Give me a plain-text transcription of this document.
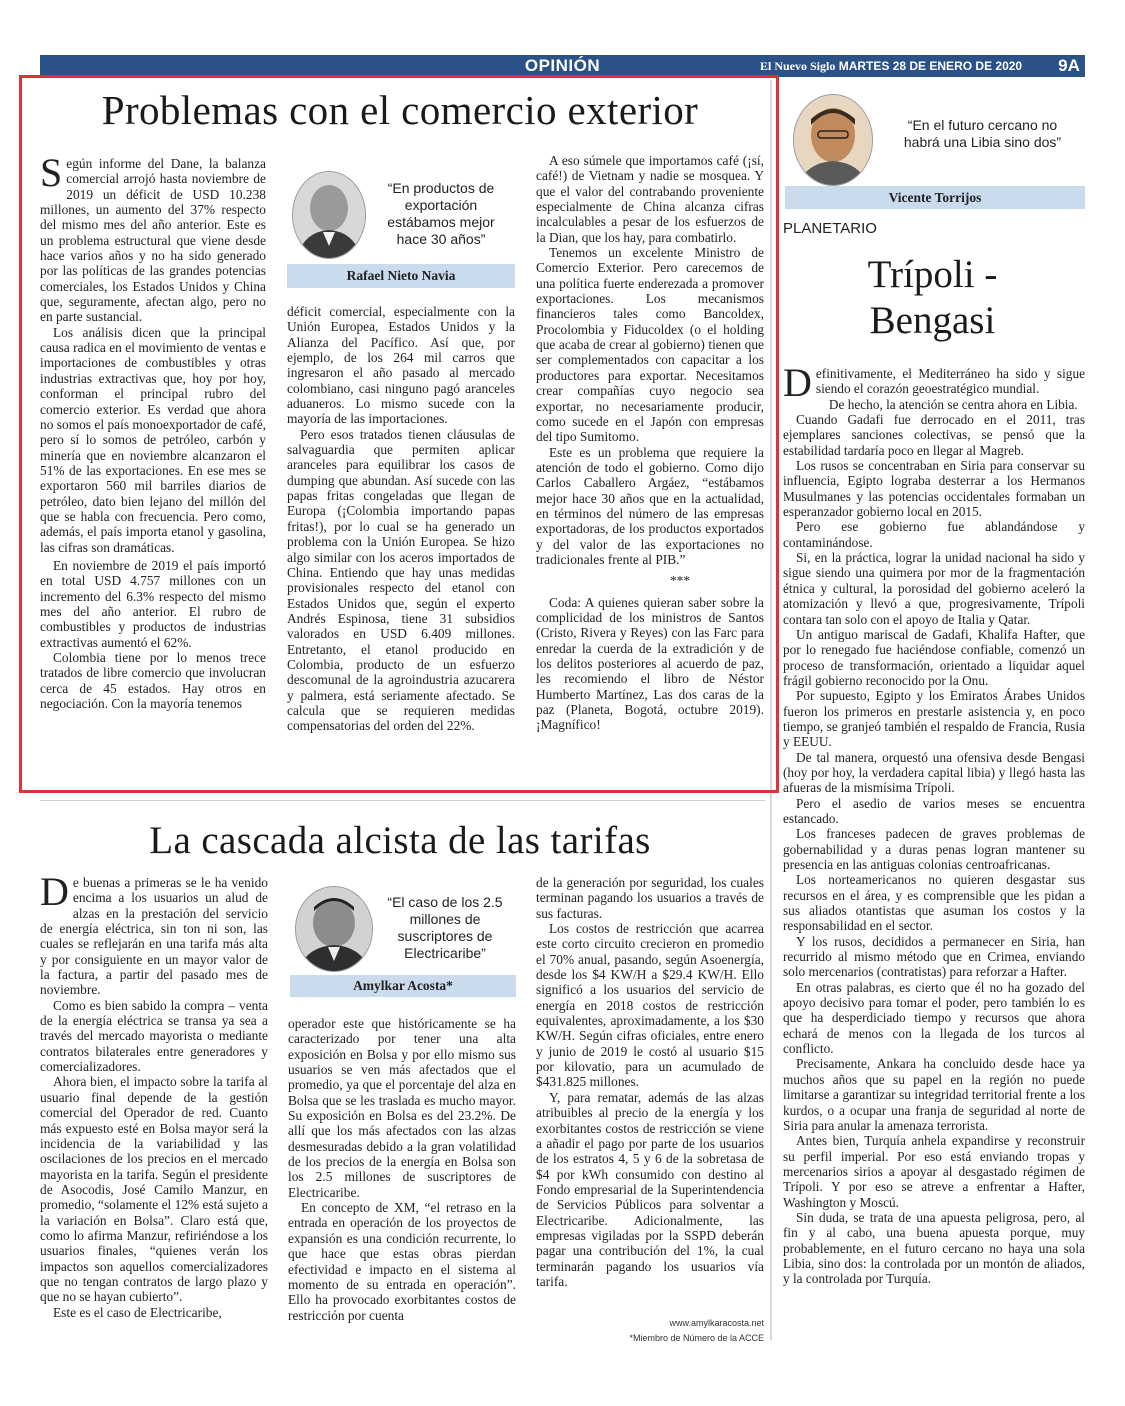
OPINIÓN	El Nuevo Siglo MARTES 28 DE ENERO DE 2020 9A
Problemas con el comercio exterior

Según informe del Dane, la balanza comercial arrojó hasta noviembre de 2019 un déficit de USD 10.238 millones, un aumento del 37% respecto del mismo mes del año anterior. Este es un problema estructural que viene desde hace varios años y no ha sido generado por las políticas de las grandes potencias comerciales, los Estados Unidos y China que, seguramente, afectan algo, pero no en parte sustancial.

Los análisis dicen que la principal causa radica en el movimiento de ventas e importaciones de combustibles y otras industrias extractivas que, hoy por hoy, conforman el principal rubro del comercio exterior. Es verdad que ahora no somos el país monoexportador de café, pero sí lo somos de petróleo, carbón y minería que en noviembre alcanzaron el 51% de las exportaciones. En ese mes se exportaron 560 mil barriles diarios de petróleo, dato bien lejano del millón del que se habla con frecuencia. Pero como, además, el país importa etanol y gasolina, las cifras son dramáticas.

En noviembre de 2019 el país importó en total USD 4.757 millones con un incremento del 6.3% respecto del mismo mes del año anterior. El rubro de combustibles y productos de industrias extractivas aumentó el 62%.

Colombia tiene por lo menos trece tratados de libre comercio que involucran cerca de 45 estados. Hay otros en negociación. Con la mayoría tenemos

“En productos de exportación estábamos mejor hace 30 años”
Rafael Nieto Navia

déficit comercial, especialmente con la Unión Europea, Estados Unidos y la Alianza del Pacífico. Así que, por ejemplo, de los 264 mil carros que ingresaron el año pasado al mercado colombiano, casi ninguno pagó aranceles aduaneros. Lo mismo sucede con la mayoría de las importaciones.

Pero esos tratados tienen cláusulas de salvaguardia que permiten aplicar aranceles para equilibrar los casos de dumping que abundan. Así sucede con las papas fritas congeladas que llegan de Europa (¡Colombia importando papas fritas!), por lo cual se ha generado un problema con la Unión Europea. Se hizo algo similar con los aceros importados de China. Entiendo que hay unas medidas provisionales respecto del etanol con Estados Unidos que, según el experto Andrés Espinosa, tiene 31 subsidios valorados en USD 6.409 millones. Entretanto, el etanol producido en Colombia, producto de un esfuerzo descomunal de la agroindustria azucarera y palmera, está seriamente afectado. Se calcula que se requieren medidas compensatorias del orden del 22%.

A eso súmele que importamos café (¡sí, café!) de Vietnam y nadie se mosquea. Y que el valor del contrabando proveniente especialmente de China alcanza cifras incalculables a pesar de los esfuerzos de la Dian, que los hay, para combatirlo.

Tenemos un excelente Ministro de Comercio Exterior. Pero carecemos de una política fuerte enderezada a promover exportaciones. Los mecanismos financieros tales como Bancoldex, Procolombia y Fiducoldex (o el holding que acaba de crear al gobierno) tienen que ser complementados con capacitar a los productores para exportar. Necesitamos crear compañías cuyo negocio sea exportar, no necesariamente producir, como sucede en el Japón con empresas del tipo Sumitomo.

Este es un problema que requiere la atención de todo el gobierno. Como dijo Carlos Caballero Argáez, “estábamos mejor hace 30 años que en la actualidad, en términos del número de las empresas exportadoras, de los productos exportados y del valor de las exportaciones no tradicionales frente al PIB.”

***

Coda: A quienes quieran saber sobre la complicidad de los ministros de Santos (Cristo, Rivera y Reyes) con las Farc para enredar la cuerda de la extradición y de los delitos posteriores al acuerdo de paz, les recomiendo el libro de Néstor Humberto Martínez, Las dos caras de la paz (Planeta, Bogotá, octubre 2019). ¡Magnífico!

La cascada alcista de las tarifas

De buenas a primeras se le ha venido encima a los usuarios un alud de alzas en la prestación del servicio de energía eléctrica, sin ton ni son, las cuales se reflejarán en una tarifa más alta y por consiguiente en un mayor valor de la factura, a partir del pasado mes de noviembre.

Como es bien sabido la compra – venta de la energía eléctrica se transa ya sea a través del mercado mayorista o mediante contratos bilaterales entre generadores y comercializadores.

Ahora bien, el impacto sobre la tarifa al usuario final depende de la gestión comercial del Operador de red. Cuanto más expuesto esté en Bolsa mayor será la incidencia de la variabilidad y las oscilaciones de los precios en el mercado mayorista en la tarifa. Según el presidente de Asocodis, José Camilo Manzur, en promedio, “solamente el 12% está sujeto a la variación en Bolsa”. Claro está que, como lo afirma Manzur, refiriéndose a los usuarios finales, “quienes verán los impactos son aquellos comercializadores que no tengan contratos de largo plazo y que no se hayan cubierto”.

Este es el caso de Electricaribe,

“El caso de los 2.5 millones de suscriptores de Electricaribe”
Amylkar Acosta*

operador este que históricamente se ha caracterizado por tener una alta exposición en Bolsa y por ello mismo sus usuarios se ven más afectados que el promedio, ya que el porcentaje del alza en Bolsa que se les traslada es mucho mayor. Su exposición en Bolsa es del 23.2%. De allí que los más afectados con las alzas desmesuradas debido a la gran volatilidad de los precios de la energía en Bolsa son los 2.5 millones de suscriptores de Electricaribe.

En concepto de XM, “el retraso en la entrada en operación de los proyectos de expansión es una condición recurrente, lo que hace que estas obras pierdan efectividad e impacto en el sistema al momento de su entrada en operación”. Ello ha provocado exorbitantes costos de restricción por cuenta

de la generación por seguridad, los cuales terminan pagando los usuarios a través de sus facturas.

Los costos de restricción que acarrea este corto circuito crecieron en promedio el 70% anual, pasando, según Asoenergía, desde los $4 KW/H a $29.4 KW/H. Ello significó a los usuarios del servicio de energía en 2018 costos de restricción equivalentes, aproximadamente, a los $30 KW/H. Según cifras oficiales, entre enero y junio de 2019 le costó al usuario $15 por kilovatio, para un acumulado de $431.825 millones.

Y, para rematar, además de las alzas atribuibles al precio de la energía y los exorbitantes costos de restricción se viene a añadir el pago por parte de los usuarios de los estratos 4, 5 y 6 de la sobretasa de $4 por kWh consumido con destino al Fondo empresarial de la Superintendencia de Servicios Públicos para solventar a Electricaribe. Adicionalmente, las empresas vigiladas por la SSPD deberán pagar una contribución del 1%, la cual terminarán pagando los usuarios vía tarifa.

www.amylkaracosta.net
*Miembro de Número de la ACCE
“En el futuro cercano no habrá una Libia sino dos”
Vicente Torrijos
PLANETARIO
Trípoli -
Bengasi

Definitivamente, el Mediterráneo ha sido y sigue siendo el corazón geoestratégico mundial.

De hecho, la atención se centra ahora en Libia.

Cuando Gadafi fue derrocado en el 2011, tras ejemplares sanciones colectivas, se pensó que la estabilidad tardaría poco en llegar al Magreb.

Los rusos se concentraban en Siria para conservar su influencia, Egipto lograba desterrar a los Hermanos Musulmanes y las potencias occidentales formaban un esperanzador gobierno local en 2015.

Pero ese gobierno fue ablandándose y contaminándose.

Si, en la práctica, lograr la unidad nacional ha sido y sigue siendo una quimera por mor de la fragmentación étnica y cultural, la porosidad del gobierno aceleró la atomización y llevó a que, progresivamente, Trípoli contara tan solo con el apoyo de Italia y Qatar.

Un antiguo mariscal de Gadafi, Khalifa Hafter, que por lo renegado fue haciéndose confiable, comenzó un proceso de transformación, orientado a liquidar aquel frágil gobierno reconocido por la Onu.

Por supuesto, Egipto y los Emiratos Árabes Unidos fueron los primeros en prestarle asistencia y, en poco tiempo, se granjeó también el respaldo de Francia, Rusia y EEUU.

De tal manera, orquestó una ofensiva desde Bengasi (hoy por hoy, la verdadera capital libia) y llegó hasta las afueras de la mismísima Trípoli.

Pero el asedio de varios meses se encuentra estancado.

Los franceses padecen de graves problemas de gobernabilidad y a duras penas logran mantener su presencia en las antiguas colonias centroafricanas.

Los norteamericanos no quieren desgastar sus recursos en el área, y es comprensible que les pidan a sus aliados otantistas que asuman los costos y la responsabilidad en el sector.

Y los rusos, decididos a permanecer en Siria, han recurrido al mismo método que en Crimea, enviando solo mercenarios (contratistas) para reforzar a Hafter.

En otras palabras, es cierto que él no ha gozado del apoyo decisivo para tomar el poder, pero también lo es que ha desperdiciado tiempo y recursos que ahora echará de menos con la llegada de los turcos al conflicto.

Precisamente, Ankara ha concluido desde hace ya muchos años que su papel en la región no puede limitarse a garantizar su integridad territorial frente a los kurdos, o a ocupar una franja de seguridad al norte de Siria para anular la amenaza terrorista.

Antes bien, Turquía anhela expandirse y reconstruir su perfil imperial. Por eso está enviando tropas y mercenarios sirios a apoyar al desgastado régimen de Trípoli. Y por eso se atreve a enfrentar a Hafter, Washington y Moscú.

Sin duda, se trata de una apuesta peligrosa, pero, al fin y al cabo, una buena apuesta porque, muy probablemente, en el futuro cercano no haya una sola Libia, sino dos: la controlada por un montón de aliados, y la controlada por Turquía.
